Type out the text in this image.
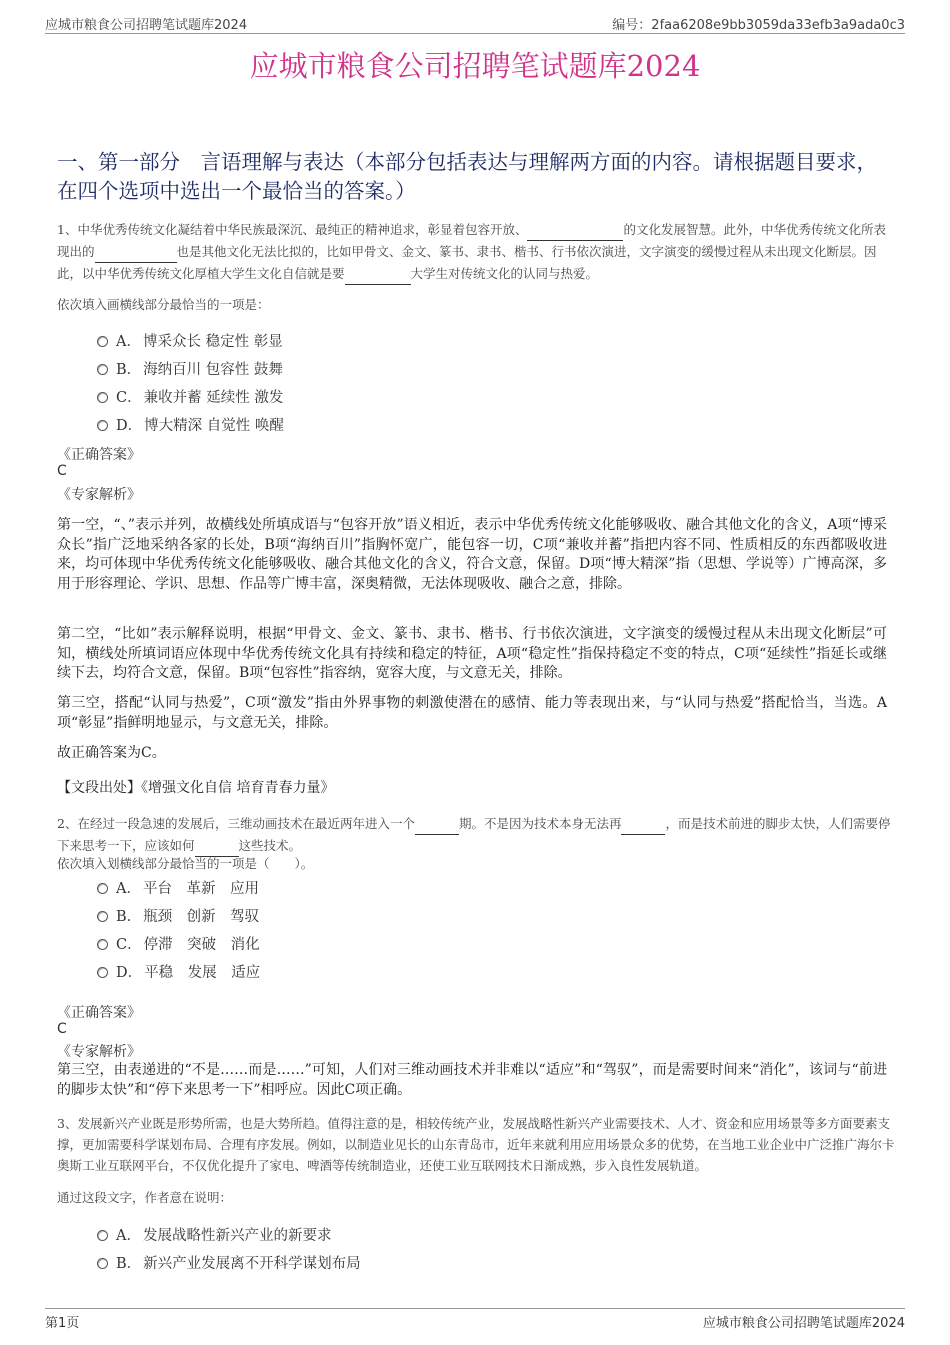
应城市粮食公司招聘笔试题库2024	编号：2faa6208e9bb3059da33efb3a9ada0c3
应城市粮食公司招聘笔试题库2024
一、第一部分　言语理解与表达（本部分包括表达与理解两方面的内容。请根据题目要求，在四个选项中选出一个最恰当的答案。）
1、中华优秀传统文化凝结着中华民族最深沉、最纯正的精神追求，彰显着包容开放、	的文化发展智慧。此外，中华优秀传统文化所表现出的	也是其他文化无法比拟的，比如甲骨文、金文、篆书、隶书、楷书、行书依次演进，文字演变的缓慢过程从未出现文化断层。因此，以中华优秀传统文化厚植大学生文化自信就是要	大学生对传统文化的认同与热爱。
依次填入画横线部分最恰当的一项是：
A． 博采众长 稳定性 彰显
B． 海纳百川 包容性 鼓舞
C． 兼收并蓄 延续性 激发
D． 博大精深 自觉性 唤醒
《正确答案》
C
《专家解析》
第一空，“、”表示并列，故横线处所填成语与“包容开放”语义相近，表示中华优秀传统文化能够吸收、融合其他文化的含义，A项“博采众长”指广泛地采纳各家的长处，B项“海纳百川”指胸怀宽广，能包容一切，C项“兼收并蓄”指把内容不同、性质相反的东西都吸收进来，均可体现中华优秀传统文化能够吸收、融合其他文化的含义，符合文意，保留。D项“博大精深”指（思想、学说等）广博高深，多用于形容理论、学识、思想、作品等广博丰富，深奥精微，无法体现吸收、融合之意，排除。
第二空，“比如”表示解释说明，根据“甲骨文、金文、篆书、隶书、楷书、行书依次演进，文字演变的缓慢过程从未出现文化断层”可知，横线处所填词语应体现中华优秀传统文化具有持续和稳定的特征，A项“稳定性”指保持稳定不变的特点，C项“延续性”指延长或继续下去，均符合文意，保留。B项“包容性”指容纳，宽容大度，与文意无关，排除。
第三空，搭配“认同与热爱”，C项“激发”指由外界事物的刺激使潜在的感情、能力等表现出来，与“认同与热爱”搭配恰当，当选。A项“彰显”指鲜明地显示，与文意无关，排除。
故正确答案为C。
【文段出处】《增强文化自信 培育青春力量》
2、在经过一段急速的发展后，三维动画技术在最近两年进入一个	期。不是因为技术本身无法再	，而是技术前进的脚步太快，人们需要停下来思考一下，应该如何	这些技术。
依次填入划横线部分最恰当的一项是（　　）。
A． 平台　革新　应用
B． 瓶颈　创新　驾驭
C． 停滞　突破　消化
D． 平稳　发展　适应
《正确答案》
C
《专家解析》
第三空，由表递进的“不是……而是……”可知，人们对三维动画技术并非难以“适应”和“驾驭”，而是需要时间来“消化”，该词与“前进的脚步太快”和“停下来思考一下”相呼应。因此C项正确。
3、发展新兴产业既是形势所需，也是大势所趋。值得注意的是，相较传统产业，发展战略性新兴产业需要技术、人才、资金和应用场景等多方面要素支撑，更加需要科学谋划布局、合理有序发展。例如，以制造业见长的山东青岛市，近年来就利用应用场景众多的优势，在当地工业企业中广泛推广海尔卡奥斯工业互联网平台，不仅优化提升了家电、啤酒等传统制造业，还使工业互联网技术日渐成熟，步入良性发展轨道。
通过这段文字，作者意在说明：
A． 发展战略性新兴产业的新要求
B． 新兴产业发展离不开科学谋划布局
第1页	应城市粮食公司招聘笔试题库2024
